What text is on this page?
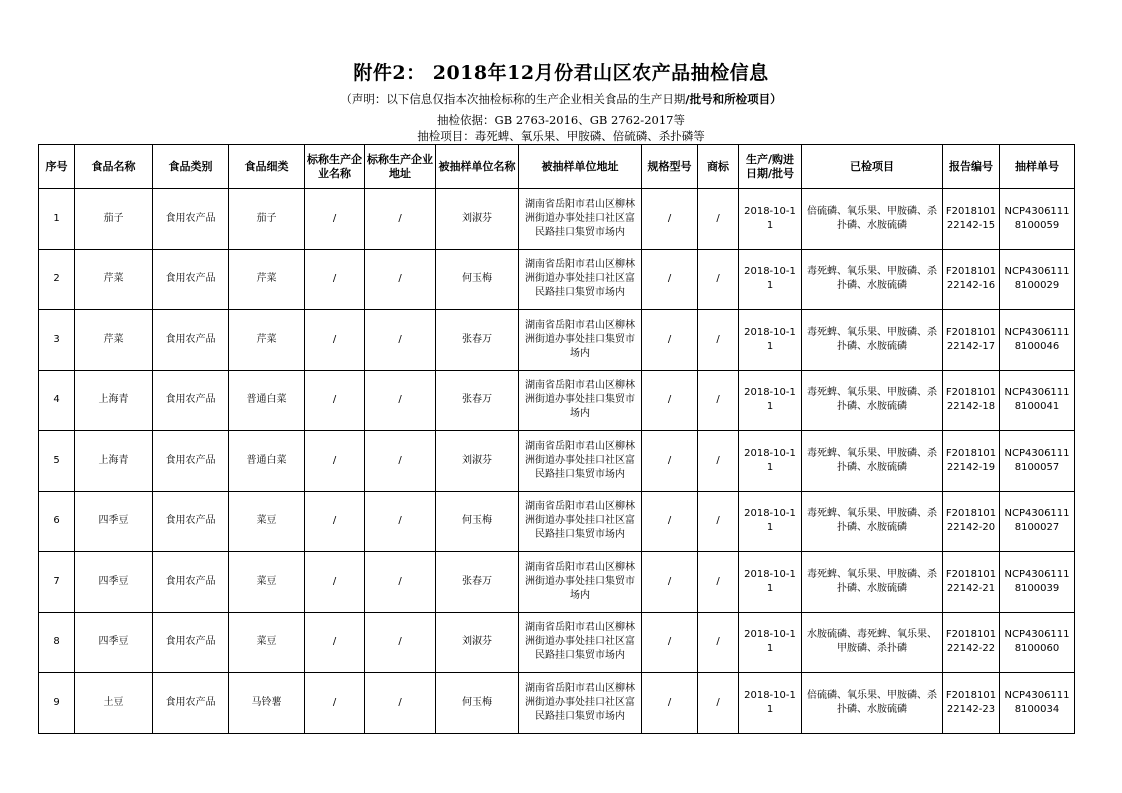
附件2： 2018年12月份君山区农产品抽检信息
（声明：以下信息仅指本次抽检标称的生产企业相关食品的生产日期/批号和所检项目）
抽检依据：GB 2763-2016、GB 2762-2017等
抽检项目：毒死蜱、氧乐果、甲胺磷、倍硫磷、杀扑磷等
序号	食品名称	食品类别	食品细类	标称生产企业名称	标称生产企业地址	被抽样单位名称	被抽样单位地址	规格型号	商标	生产/购进日期/批号	已检项目	报告编号	抽样单号
1	茄子	食用农产品	茄子	/	/	刘淑芬	湖南省岳阳市君山区柳林洲街道办事处挂口社区富民路挂口集贸市场内	/	/	2018-10-11	倍硫磷、氧乐果、甲胺磷、杀扑磷、水胺硫磷	F201810122142-15	NCP43061118100059
2	芹菜	食用农产品	芹菜	/	/	何玉梅	湖南省岳阳市君山区柳林洲街道办事处挂口社区富民路挂口集贸市场内	/	/	2018-10-11	毒死蜱、氧乐果、甲胺磷、杀扑磷、水胺硫磷	F201810122142-16	NCP43061118100029
3	芹菜	食用农产品	芹菜	/	/	张春万	湖南省岳阳市君山区柳林洲街道办事处挂口集贸市场内	/	/	2018-10-11	毒死蜱、氧乐果、甲胺磷、杀扑磷、水胺硫磷	F201810122142-17	NCP43061118100046
4	上海青	食用农产品	普通白菜	/	/	张春万	湖南省岳阳市君山区柳林洲街道办事处挂口集贸市场内	/	/	2018-10-11	毒死蜱、氧乐果、甲胺磷、杀扑磷、水胺硫磷	F201810122142-18	NCP43061118100041
5	上海青	食用农产品	普通白菜	/	/	刘淑芬	湖南省岳阳市君山区柳林洲街道办事处挂口社区富民路挂口集贸市场内	/	/	2018-10-11	毒死蜱、氧乐果、甲胺磷、杀扑磷、水胺硫磷	F201810122142-19	NCP43061118100057
6	四季豆	食用农产品	菜豆	/	/	何玉梅	湖南省岳阳市君山区柳林洲街道办事处挂口社区富民路挂口集贸市场内	/	/	2018-10-11	毒死蜱、氧乐果、甲胺磷、杀扑磷、水胺硫磷	F201810122142-20	NCP43061118100027
7	四季豆	食用农产品	菜豆	/	/	张春万	湖南省岳阳市君山区柳林洲街道办事处挂口集贸市场内	/	/	2018-10-11	毒死蜱、氧乐果、甲胺磷、杀扑磷、水胺硫磷	F201810122142-21	NCP43061118100039
8	四季豆	食用农产品	菜豆	/	/	刘淑芬	湖南省岳阳市君山区柳林洲街道办事处挂口社区富民路挂口集贸市场内	/	/	2018-10-11	水胺硫磷、毒死蜱、氧乐果、甲胺磷、杀扑磷	F201810122142-22	NCP43061118100060
9	土豆	食用农产品	马铃薯	/	/	何玉梅	湖南省岳阳市君山区柳林洲街道办事处挂口社区富民路挂口集贸市场内	/	/	2018-10-11	倍硫磷、氧乐果、甲胺磷、杀扑磷、水胺硫磷	F201810122142-23	NCP43061118100034
